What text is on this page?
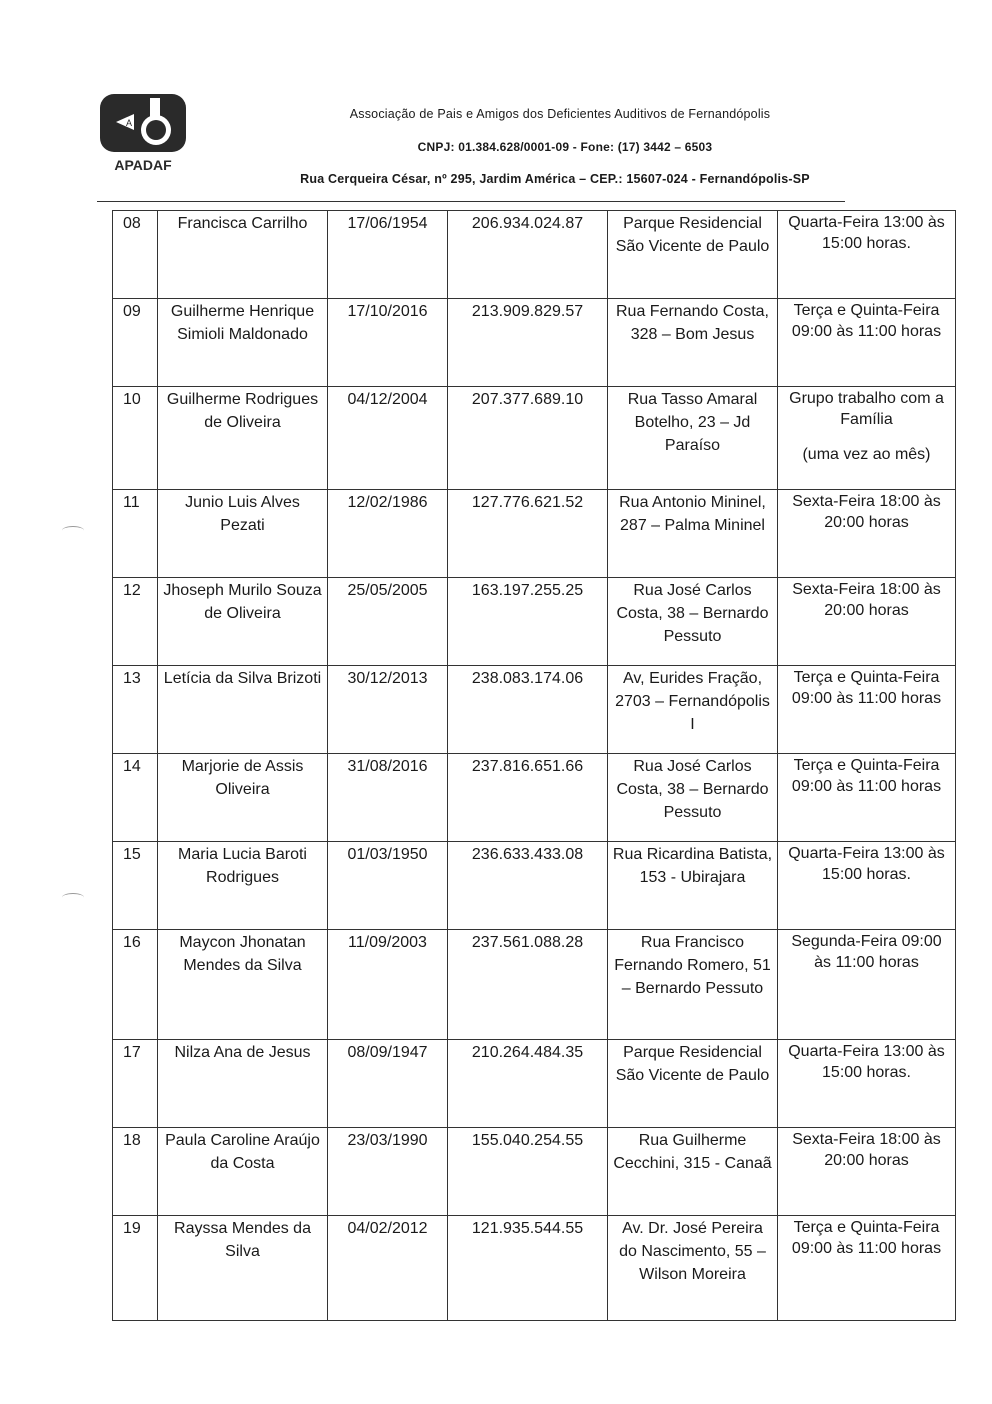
A
APADAF
Associação de Pais e Amigos dos Deficientes Auditivos de Fernandópolis
CNPJ: 01.384.628/0001-09 - Fone: (17) 3442 – 6503
Rua Cerqueira César, nº 295, Jardim América – CEP.: 15607-024 - Fernandópolis-SP
08	Francisca Carrilho	17/06/1954	206.934.024.87	Parque Residencial São Vicente de Paulo	Quarta-Feira 13:00 às 15:00 horas.
09	Guilherme Henrique Simioli Maldonado	17/10/2016	213.909.829.57	Rua Fernando Costa, 328 – Bom Jesus	Terça e Quinta-Feira 09:00 às 11:00 horas
10	Guilherme Rodrigues de Oliveira	04/12/2004	207.377.689.10	Rua Tasso Amaral Botelho, 23 – Jd Paraíso	Grupo trabalho com a Família
(uma vez ao mês)

11	Junio Luis Alves Pezati	12/02/1986	127.776.621.52	Rua Antonio Mininel, 287 – Palma Mininel	Sexta-Feira 18:00 às 20:00 horas
12	Jhoseph Murilo Souza de Oliveira	25/05/2005	163.197.255.25	Rua José Carlos Costa, 38 – Bernardo Pessuto	Sexta-Feira 18:00 às 20:00 horas
13	Letícia da Silva Brizoti	30/12/2013	238.083.174.06	Av, Eurides Fração, 2703 – Fernandópolis I	Terça e Quinta-Feira 09:00 às 11:00 horas
14	Marjorie de Assis Oliveira	31/08/2016	237.816.651.66	Rua José Carlos Costa, 38 – Bernardo Pessuto	Terça e Quinta-Feira 09:00 às 11:00 horas
15	Maria Lucia Baroti Rodrigues	01/03/1950	236.633.433.08	Rua Ricardina Batista, 153 - Ubirajara	Quarta-Feira 13:00 às 15:00 horas.
16	Maycon Jhonatan Mendes da Silva	11/09/2003	237.561.088.28	Rua Francisco Fernando Romero, 51 – Bernardo Pessuto	Segunda-Feira 09:00 às 11:00 horas
17	Nilza Ana de Jesus	08/09/1947	210.264.484.35	Parque Residencial São Vicente de Paulo	Quarta-Feira 13:00 às 15:00 horas.
18	Paula Caroline Araújo da Costa	23/03/1990	155.040.254.55	Rua Guilherme Cecchini, 315 - Canaã	Sexta-Feira 18:00 às 20:00 horas
19	Rayssa Mendes da Silva	04/02/2012	121.935.544.55	Av. Dr. José Pereira do Nascimento, 55 – Wilson Moreira	Terça e Quinta-Feira 09:00 às 11:00 horas
